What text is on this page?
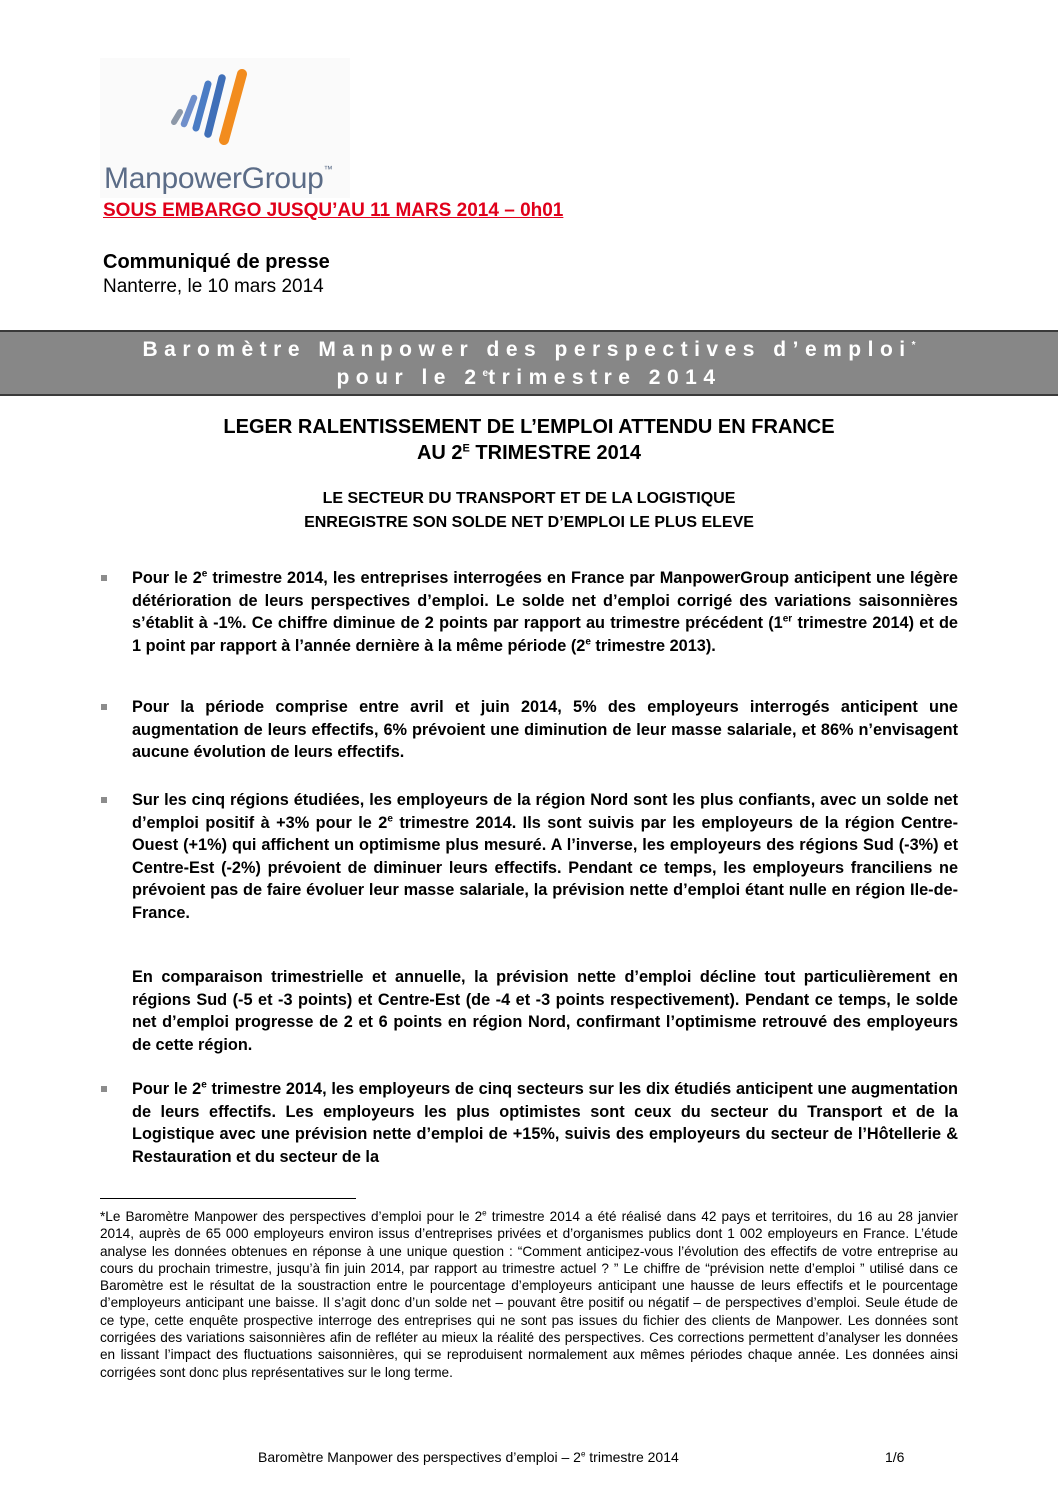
ManpowerGroup™
SOUS EMBARGO JUSQU’AU 11 MARS 2014 – 0h01
Communiqué de presse
Nanterre, le 10 mars 2014
Baromètre Manpower des perspectives d’emploi*
pour le 2etrimestre 2014
LEGER RALENTISSEMENT DE L’EMPLOI ATTENDU EN FRANCE
AU $2^E$ TRIMESTRE 2014
LE SECTEUR DU TRANSPORT ET DE LA LOGISTIQUE
ENREGISTRE SON SOLDE NET D’EMPLOI LE PLUS ELEVE
Pour le 2e trimestre 2014, les entreprises interrogées en France par ManpowerGroup anticipent une légère détérioration de leurs perspectives d’emploi. Le solde net d’emploi corrigé des variations saisonnières s’établit à -1%. Ce chiffre diminue de 2 points par rapport au trimestre précédent (1er trimestre 2014) et de 1 point par rapport à l’année dernière à la même période (2e trimestre 2013).
Pour la période comprise entre avril et juin 2014, 5% des employeurs interrogés anticipent une augmentation de leurs effectifs, 6% prévoient une diminution de leur masse salariale, et 86% n’envisagent aucune évolution de leurs effectifs.
Sur les cinq régions étudiées, les employeurs de la région Nord sont les plus confiants, avec un solde net d’emploi positif à +3% pour le 2e trimestre 2014. Ils sont suivis par les employeurs de la région Centre-Ouest (+1%) qui affichent un optimisme plus mesuré. A l’inverse, les employeurs des régions Sud (-3%) et Centre-Est (-2%) prévoient de diminuer leurs effectifs. Pendant ce temps, les employeurs franciliens ne prévoient pas de faire évoluer leur masse salariale, la prévision nette d’emploi étant nulle en région Ile-de-France.
En comparaison trimestrielle et annuelle, la prévision nette d’emploi décline tout particulièrement en régions Sud (-5 et -3 points) et Centre-Est (de -4 et -3 points respectivement). Pendant ce temps, le solde net d’emploi progresse de 2 et 6 points en région Nord, confirmant l’optimisme retrouvé des employeurs de cette région.
Pour le 2e trimestre 2014, les employeurs de cinq secteurs sur les dix étudiés anticipent une augmentation de leurs effectifs. Les employeurs les plus optimistes sont ceux du secteur du Transport et de la Logistique avec une prévision nette d’emploi de +15%, suivis des employeurs du secteur de l’Hôtellerie & Restauration et du secteur de la
*Le Baromètre Manpower des perspectives d’emploi pour le 2e trimestre 2014 a été réalisé dans 42 pays et territoires, du 16 au 28 janvier 2014, auprès de 65 000 employeurs environ issus d’entreprises privées et d’organismes publics dont 1 002 employeurs en France. L’étude analyse les données obtenues en réponse à une unique question : “Comment anticipez-vous l’évolution des effectifs de votre entreprise au cours du prochain trimestre, jusqu’à fin juin 2014, par rapport au trimestre actuel ? ” Le chiffre de “prévision nette d’emploi ” utilisé dans ce Baromètre est le résultat de la soustraction entre le pourcentage d’employeurs anticipant une hausse de leurs effectifs et le pourcentage d’employeurs anticipant une baisse. Il s’agit donc d’un solde net – pouvant être positif ou négatif – de perspectives d’emploi. Seule étude de ce type, cette enquête prospective interroge des entreprises qui ne sont pas issues du fichier des clients de Manpower. Les données sont corrigées des variations saisonnières afin de refléter au mieux la réalité des perspectives. Ces corrections permettent d’analyser les données en lissant l’impact des fluctuations saisonnières, qui se reproduisent normalement aux mêmes périodes chaque année. Les données ainsi corrigées sont donc plus représentatives sur le long terme.
Baromètre Manpower des perspectives d’emploi – 2e trimestre 2014	1/6
